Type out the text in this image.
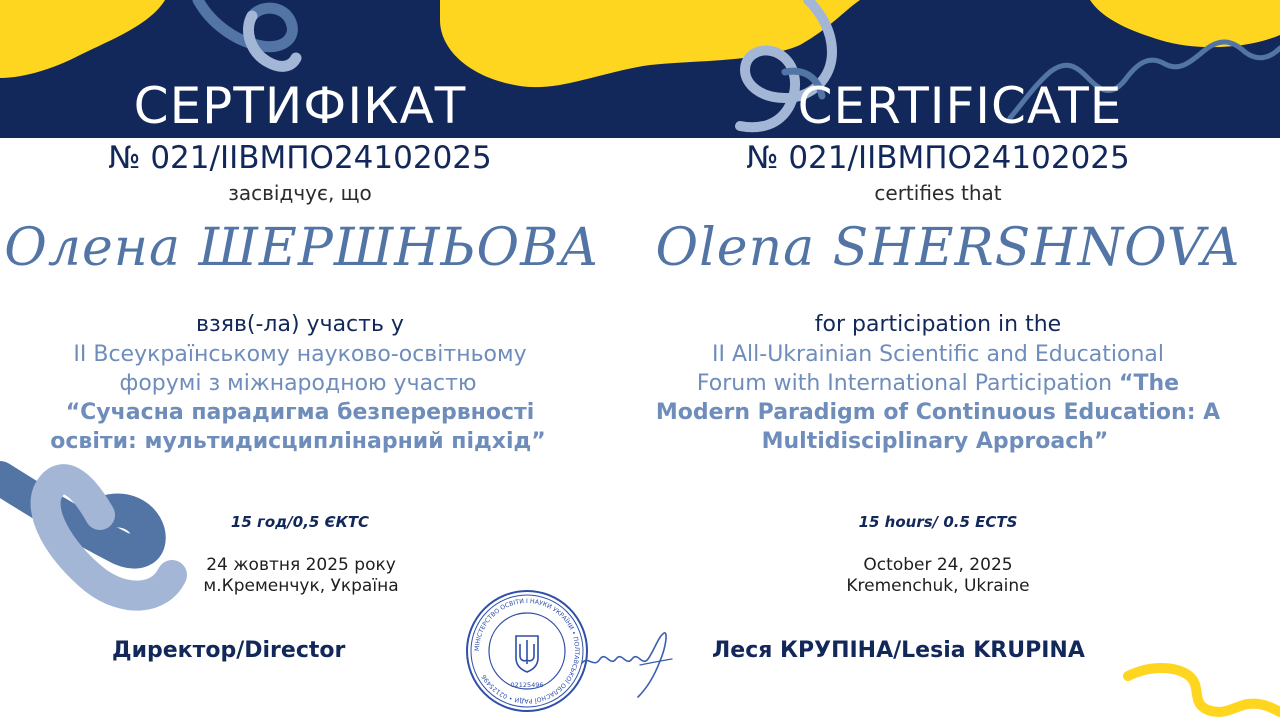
СЕРТИФІКАТ	CERTIFICATE
№ 021/IIВМПО24102025	№ 021/IIВМПО24102025
засвідчує, що	certifies that
Олена ШЕРШНЬОВА Olena SHERSHNOVA
взяв(-ла) участь у	for participation in the
II Всеукраїнському науково-освітньому
форумі з міжнародною участю
“Сучасна парадигма безперервності
освіти: мультидисциплінарний підхід”
II All-Ukrainian Scientific and Educational
Forum with International Participation “The
Modern Paradigm of Continuous Education: A
Multidisciplinary Approach”
15 год/0,5 ЄКТС	15 hours/ 0.5 ECTS
24 жовтня 2025 року
м.Кременчук, Україна
October 24, 2025
Kremenchuk, Ukraine
Директор/Director	Леся КРУПІНА/Lesia KRUPINA
МІНІСТЕРСТВО ОСВІТИ І НАУКИ УКРАЇНИ • ПОЛТАВСЬКОЇ ОБЛАСНОЇ РАДИ • 02125496
02125496
